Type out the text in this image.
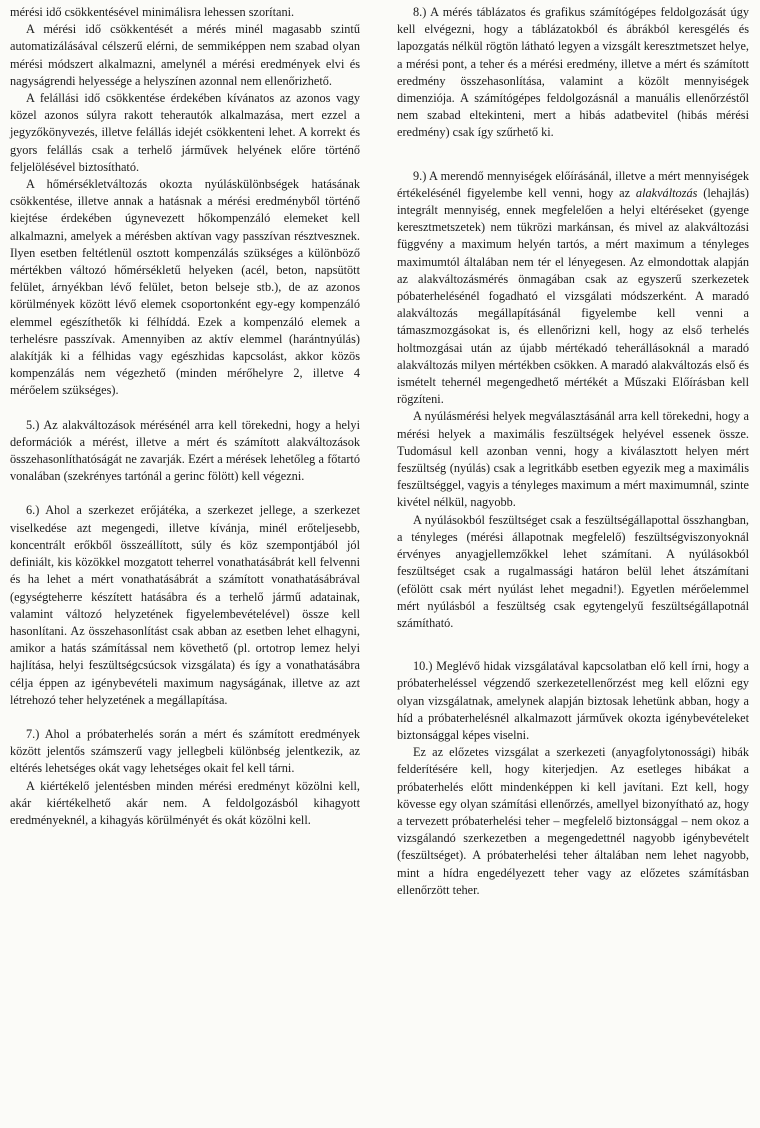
mérési idő csökkentésével minimálisra lehessen szorítani.

A mérési idő csökkentését a mérés minél magasabb szintű automatizálásával célszerű elérni, de semmiképpen nem szabad olyan mérési módszert alkalmazni, amelynél a mérési eredmények elvi és nagyságrendi helyessége a helyszínen azonnal nem ellenőrizhető.

A felállási idő csökkentése érdekében kívánatos az azonos vagy közel azonos súlyra rakott teherautók alkalmazása, mert ezzel a jegyzőkönyvezés, illetve felállás idejét csökkenteni lehet. A korrekt és gyors felállás csak a terhelő járművek helyének előre történő feljelölésével biztosítható.

A hőmérsékletváltozás okozta nyúláskülönbségek hatásának csökkentése, illetve annak a hatásnak a mérési eredményből történő kiejtése érdekében úgynevezett hőkompenzáló elemeket kell alkalmazni, amelyek a mérésben aktívan vagy passzívan résztvesznek. Ilyen esetben feltétlenül osztott kompenzálás szükséges a különböző mértékben változó hőmérsékletű helyeken (acél, beton, napsütött felület, árnyékban lévő felület, beton belseje stb.), de az azonos körülmények között lévő elemek csoportonként egy-egy kompenzáló elemmel egészíthetők ki félhíddá. Ezek a kompenzáló elemek a terhelésre passzívak. Amennyiben az aktív elemmel (harántnyúlás) alakítják ki a félhidas vagy egészhidas kapcsolást, akkor közös kompenzálás nem végezhető (minden mérőhelyre 2, illetve 4 mérőelem szükséges).

5.) Az alakváltozások mérésénél arra kell törekedni, hogy a helyi deformációk a mérést, illetve a mért és számított alakváltozások összehasonlíthatóságát ne zavarják. Ezért a mérések lehetőleg a főtartó vonalában (szekrényes tartónál a gerinc fölött) kell végezni.

6.) Ahol a szerkezet erőjátéka, a szerkezet jellege, a szerkezet viselkedése azt megengedi, illetve kívánja, minél erőteljesebb, koncentrált erőkből összeállított, súly és köz szempontjából jól definiált, kis közökkel mozgatott teherrel vonathatásábrát kell felvenni és ha lehet a mért vonathatásábrát a számított vonathatásábrával (egységteherre készített hatásábra és a terhelő jármű adatainak, valamint változó helyzetének figyelembevételével) össze kell hasonlítani. Az összehasonlítást csak abban az esetben lehet elhagyni, amikor a hatás számítással nem követhető (pl. ortotrop lemez helyi hajlítása, helyi feszültségcsúcsok vizsgálata) és így a vonathatásábra célja éppen az igénybevételi maximum nagyságának, illetve az azt létrehozó teher helyzetének a megállapítása.

7.) Ahol a próbaterhelés során a mért és számított eredmények között jelentős számszerű vagy jellegbeli különbség jelentkezik, az eltérés lehetséges okát vagy lehetséges okait fel kell tárni.

A kiértékelő jelentésben minden mérési eredményt közölni kell, akár kiértékelhető akár nem. A feldolgozásból kihagyott eredményeknél, a kihagyás körülményét és okát közölni kell.

8.) A mérés táblázatos és grafikus számítógépes feldolgozását úgy kell elvégezni, hogy a táblázatokból és ábrákból keresgélés és lapozgatás nélkül rögtön látható legyen a vizsgált keresztmetszet helye, a mérési pont, a teher és a mérési eredmény, illetve a mért és számított eredmény összehasonlítása, valamint a közölt mennyiségek dimenziója. A számítógépes feldolgozásnál a manuális ellenőrzéstől nem szabad eltekinteni, mert a hibás adatbevitel (hibás mérési eredmény) csak így szűrhető ki.

9.) A merendő mennyiségek előírásánál, illetve a mért mennyiségek értékelésénél figyelembe kell venni, hogy az alakváltozás (lehajlás) integrált mennyiség, ennek megfelelően a helyi eltéréseket (gyenge keresztmetszetek) nem tükrözi markánsan, és mivel az alakváltozási függvény a maximum helyén tartós, a mért maximum a tényleges maximumtól általában nem tér el lényegesen. Az elmondottak alapján az alakváltozásmérés önmagában csak az egyszerű szerkezetek póbaterhelésénél fogadható el vizsgálati módszerként. A maradó alakváltozás megállapításánál figyelembe kell venni a támaszmozgásokat is, és ellenőrizni kell, hogy az első terhelés holtmozgásai után az újabb mértékadó teherállásoknál a maradó alakváltozás milyen mértékben csökken. A maradó alakváltozás első és ismételt tehernél megengedhető mértékét a Műszaki Előírásban kell rögzíteni.

A nyúlásmérési helyek megválasztásánál arra kell törekedni, hogy a mérési helyek a maximális feszültségek helyével essenek össze. Tudomásul kell azonban venni, hogy a kiválasztott helyen mért feszültség (nyúlás) csak a legritkább esetben egyezik meg a maximális feszültséggel, vagyis a tényleges maximum a mért maximumnál, szinte kivétel nélkül, nagyobb.

A nyúlásokból feszültséget csak a feszültségállapottal összhangban, a tényleges (mérési állapotnak megfelelő) feszültségviszonyoknál érvényes anyagjellemzőkkel lehet számítani. A nyúlásokból feszültséget csak a rugalmassági határon belül lehet átszámítani (efölött csak mért nyúlást lehet megadni!). Egyetlen mérőelemmel mért nyúlásból a feszültség csak egytengelyű feszültségállapotnál számítható.

10.) Meglévő hidak vizsgálatával kapcsolatban elő kell írni, hogy a próbaterheléssel végzendő szerkezetellenőrzést meg kell előzni egy olyan vizsgálatnak, amelynek alapján biztosak lehetünk abban, hogy a híd a próbaterhelésnél alkalmazott járművek okozta igénybevételeket biztonsággal képes viselni.

Ez az előzetes vizsgálat a szerkezeti (anyagfolytonossági) hibák felderítésére kell, hogy kiterjedjen. Az esetleges hibákat a próbaterhelés előtt mindenképpen ki kell javítani. Ezt kell, hogy kövesse egy olyan számítási ellenőrzés, amellyel bizonyítható az, hogy a tervezett próbaterhelési teher – megfelelő biztonsággal – nem okoz a vizsgálandó szerkezetben a megengedettnél nagyobb igénybevételt (feszültséget). A próbaterhelési teher általában nem lehet nagyobb, mint a hídra engedélyezett teher vagy az előzetes számításban ellenőrzött teher.
